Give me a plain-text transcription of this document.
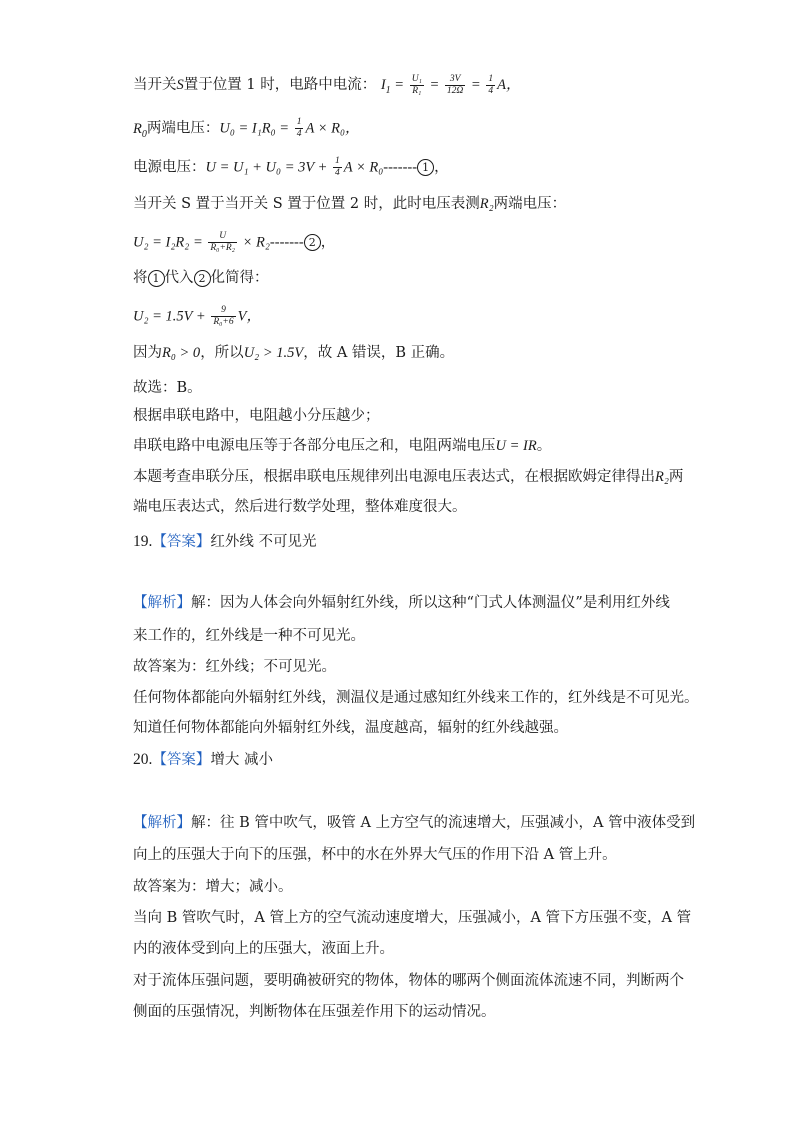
当开关S置于位置 1 时，电路中电流： $I_1 = \frac{\text{U₁}}{\text{R₁}} = \frac{3V}{12\Omega} = \frac{1}{4}$ A，
$R_0$两端电压：$U_0 = I_1R_0 = \frac{1}{4}$ A × R₀，
电源电压：$U = U_1 + U_0 = 3V + \frac{1}{4}$ A × R₀------- 1 ，
当开关 S 置于当开关 S 置于位置 2 时，此时电压表测R₂两端电压：
$U_2 = I_2R_2 = \frac{U}{\text{R₀+R₂}} \times R_2-------$ 2 ，
将 1 代入 2 化简得：
$U_2 = 1.5V + \frac{9}{\text{R₀+6}}$ V，
因为R₀ > 0，所以U₂ > 1.5V，故 A 错误，B 正确。
故选：B。
根据串联电路中，电阻越小分压越少；
串联电路中电源电压等于各部分电压之和，电阻两端电压U = IR。
本题考查串联分压，根据串联电压规律列出电源电压表达式，在根据欧姆定律得出R₂两
端电压表达式，然后进行数学处理，整体难度很大。
19.【答案】红外线 不可见光
【解析】解：因为人体会向外辐射红外线，所以这种“门式人体测温仪”是利用红外线
来工作的，红外线是一种不可见光。
故答案为：红外线；不可见光。
任何物体都能向外辐射红外线，测温仪是通过感知红外线来工作的，红外线是不可见光。
知道任何物体都能向外辐射红外线，温度越高，辐射的红外线越强。
20.【答案】增大 减小
【解析】解：往 B 管中吹气，吸管 A 上方空气的流速增大，压强减小，A 管中液体受到
向上的压强大于向下的压强，杯中的水在外界大气压的作用下沿 A 管上升。
故答案为：增大；减小。
当向 B 管吹气时，A 管上方的空气流动速度增大，压强减小，A 管下方压强不变，A 管
内的液体受到向上的压强大，液面上升。
对于流体压强问题，要明确被研究的物体，物体的哪两个侧面流体流速不同，判断两个
侧面的压强情况，判断物体在压强差作用下的运动情况。
